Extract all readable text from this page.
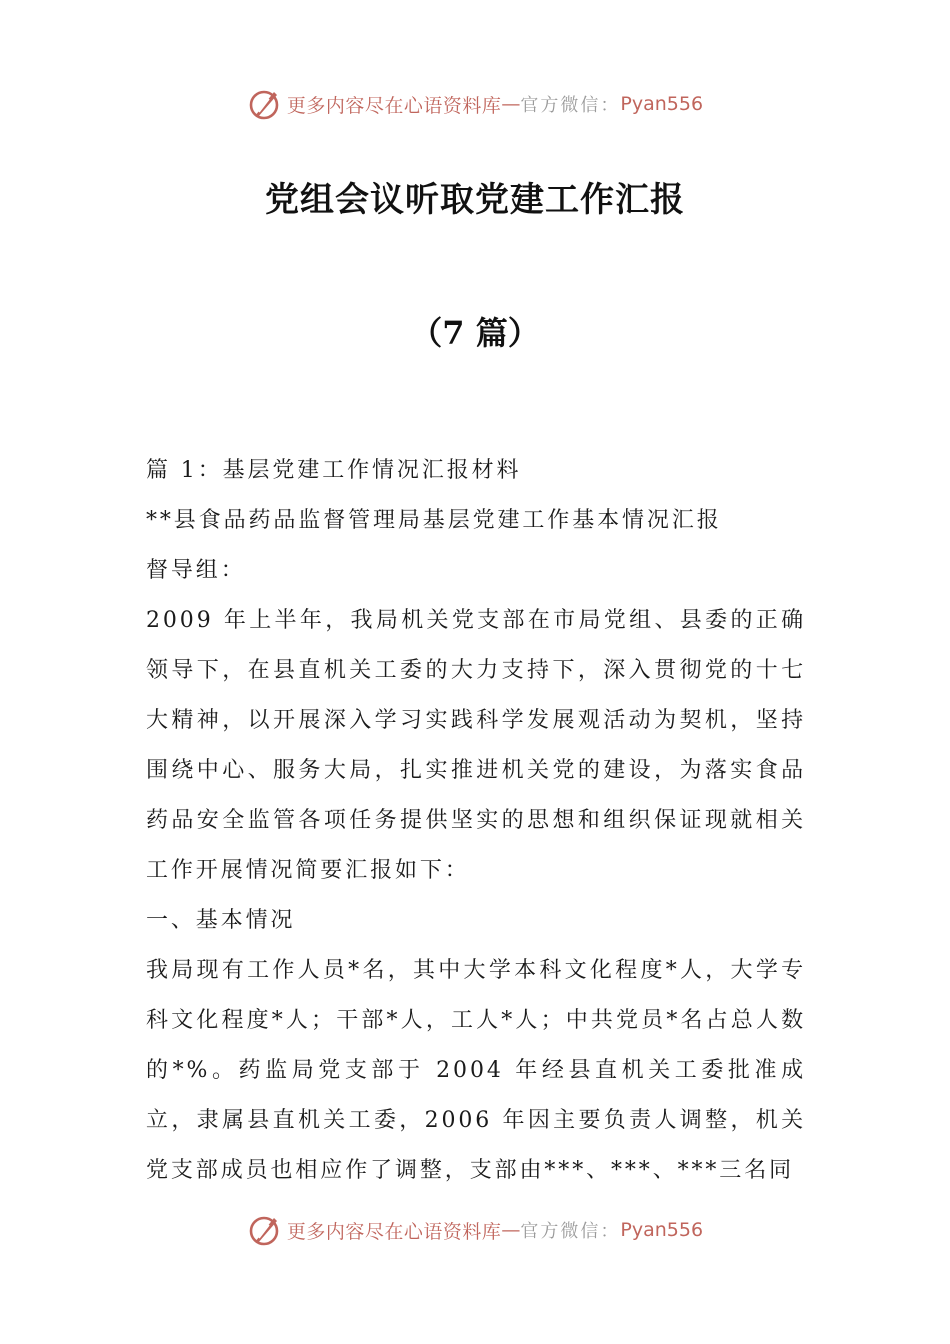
更多内容尽在心语资料库 — 官方微信： Pyan556
党组会议听取党建工作汇报
（7 篇）

篇 1：基层党建工作情况汇报材料

**县食品药品监督管理局基层党建工作基本情况汇报

督导组：

2009 年上半年，我局机关党支部在市局党组、县委的正确领导下，在县直机关工委的大力支持下，深入贯彻党的十七大精神，以开展深入学习实践科学发展观活动为契机，坚持围绕中心、服务大局，扎实推进机关党的建设，为落实食品药品安全监管各项任务提供坚实的思想和组织保证现就相关工作开展情况简要汇报如下：

一、基本情况

我局现有工作人员*名，其中大学本科文化程度*人，大学专科文化程度*人；干部*人，工人*人；中共党员*名占总人数的*%。药监局党支部于 2004 年经县直机关工委批准成立，隶属县直机关工委，2006 年因主要负责人调整，机关党支部成员也相应作了调整，支部由***、***、***三名同

更多内容尽在心语资料库 — 官方微信： Pyan556
